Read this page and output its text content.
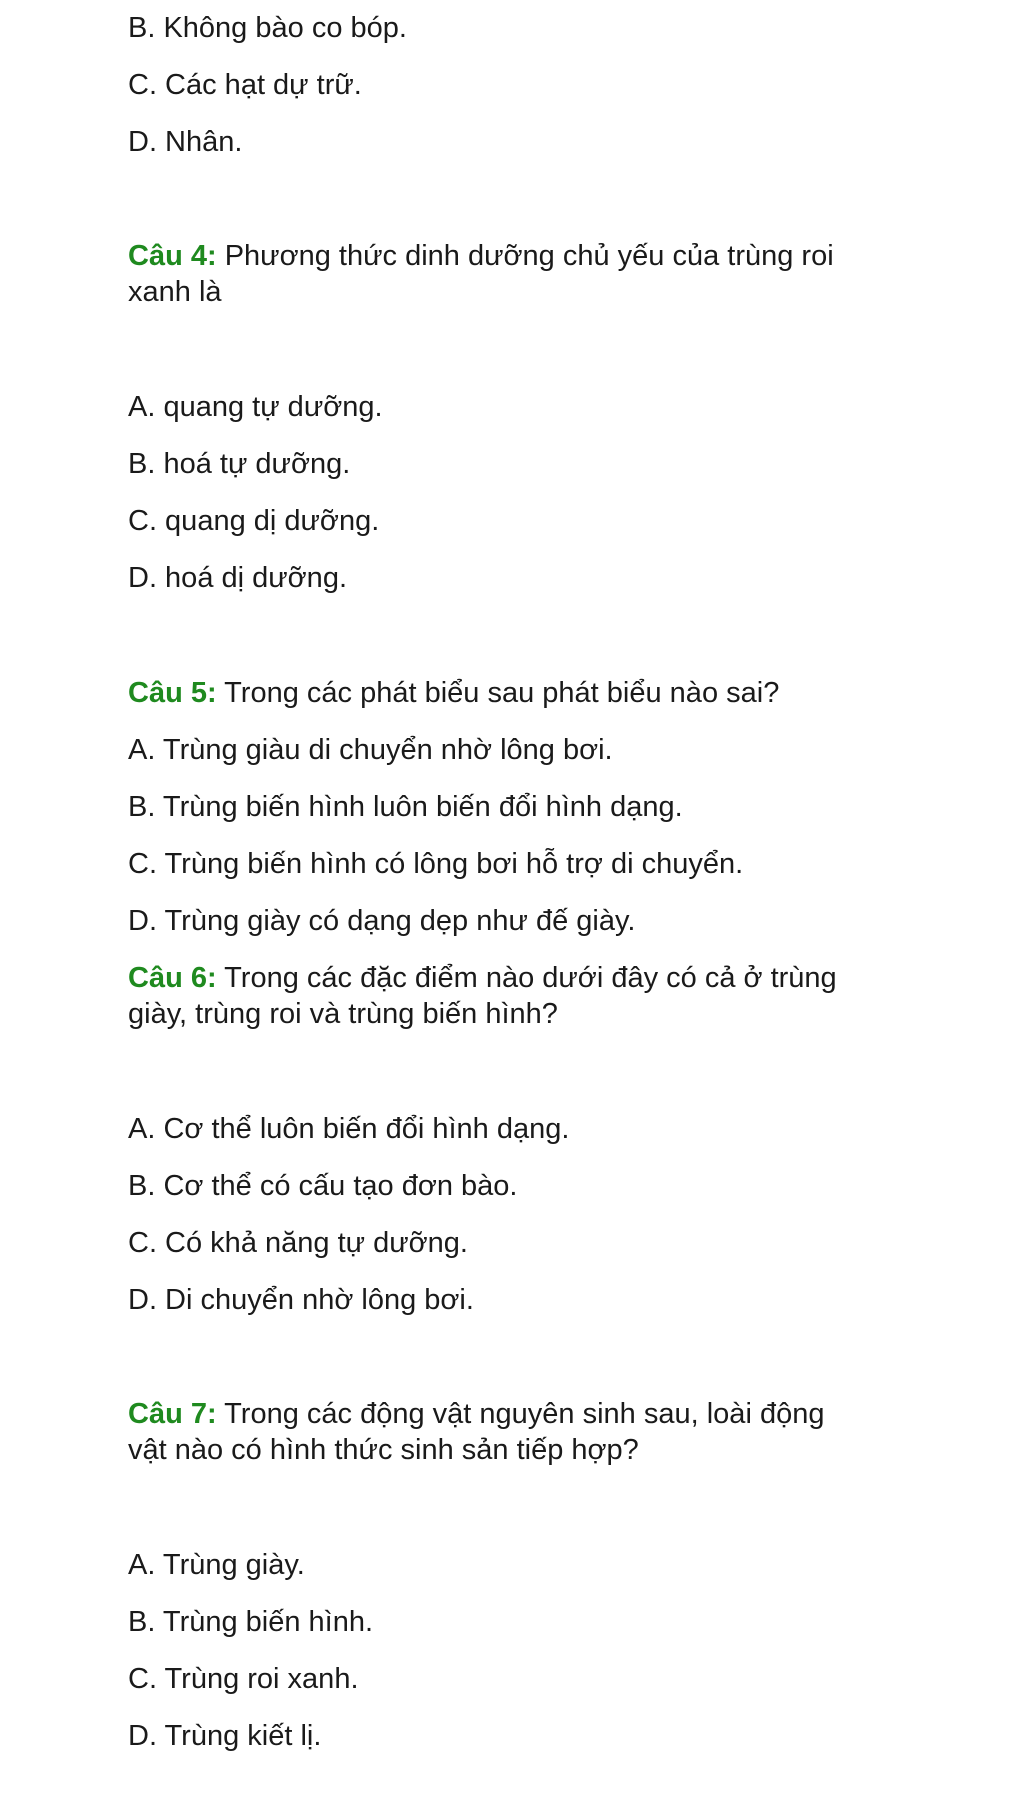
B. Không bào co bóp.
C. Các hạt dự trữ.
D. Nhân.
Câu 4: Phương thức dinh dưỡng chủ yếu của trùng roi
xanh là
A. quang tự dưỡng.
B. hoá tự dưỡng.
C. quang dị dưỡng.
D. hoá dị dưỡng.
Câu 5: Trong các phát biểu sau phát biểu nào sai?
A. Trùng giàu di chuyển nhờ lông bơi.
B. Trùng biến hình luôn biến đổi hình dạng.
C. Trùng biến hình có lông bơi hỗ trợ di chuyển.
D. Trùng giày có dạng dẹp như đế giày.
Câu 6: Trong các đặc điểm nào dưới đây có cả ở trùng
giày, trùng roi và trùng biến hình?
A. Cơ thể luôn biến đổi hình dạng.
B. Cơ thể có cấu tạo đơn bào.
C. Có khả năng tự dưỡng.
D. Di chuyển nhờ lông bơi.
Câu 7: Trong các động vật nguyên sinh sau, loài động
vật nào có hình thức sinh sản tiếp hợp?
A. Trùng giày.
B. Trùng biến hình.
C. Trùng roi xanh.
D. Trùng kiết lị.
